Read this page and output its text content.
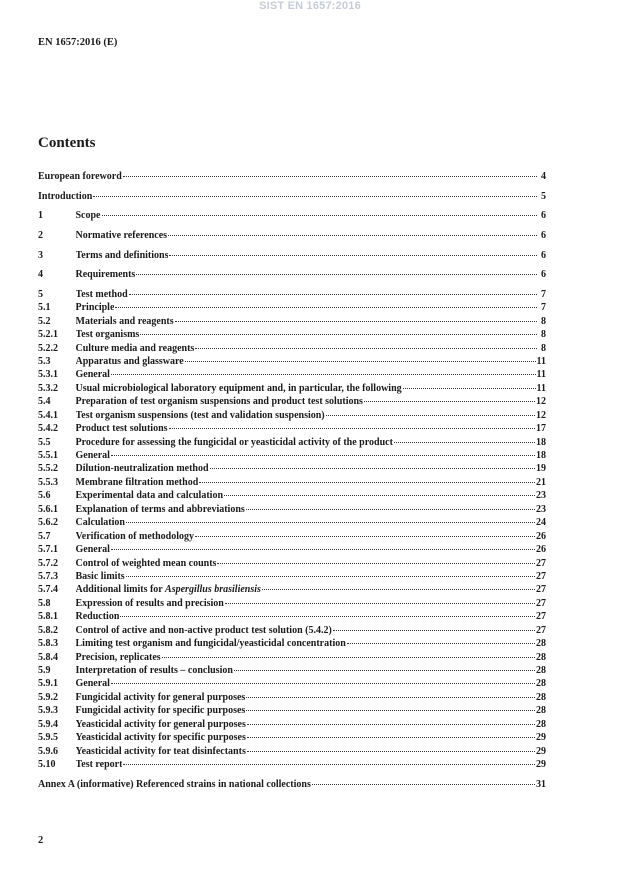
SIST EN 1657:2016
EN 1657:2016 (E)
Contents
European foreword	4
Introduction	5
1	Scope	6
2	Normative references	6
3	Terms and definitions	6
4	Requirements	6
5	Test method	7
5.1	Principle	7
5.2	Materials and reagents	8
5.2.1	Test organisms	8
5.2.2	Culture media and reagents	8
5.3	Apparatus and glassware	11
5.3.1	General	11
5.3.2	Usual microbiological laboratory equipment and, in particular, the following	11
5.4	Preparation of test organism suspensions and product test solutions	12
5.4.1	Test organism suspensions (test and validation suspension)	12
5.4.2	Product test solutions	17
5.5	Procedure for assessing the fungicidal or yeasticidal activity of the product	18
5.5.1	General	18
5.5.2	Dilution-neutralization method	19
5.5.3	Membrane filtration method	21
5.6	Experimental data and calculation	23
5.6.1	Explanation of terms and abbreviations	23
5.6.2	Calculation	24
5.7	Verification of methodology	26
5.7.1	General	26
5.7.2	Control of weighted mean counts	27
5.7.3	Basic limits	27
5.7.4	Additional limits for Aspergillus brasiliensis	27
5.8	Expression of results and precision	27
5.8.1	Reduction	27
5.8.2	Control of active and non-active product test solution (5.4.2)	27
5.8.3	Limiting test organism and fungicidal/yeasticidal concentration	28
5.8.4	Precision, replicates	28
5.9	Interpretation of results – conclusion	28
5.9.1	General	28
5.9.2	Fungicidal activity for general purposes	28
5.9.3	Fungicidal activity for specific purposes	28
5.9.4	Yeasticidal activity for general purposes	28
5.9.5	Yeasticidal activity for specific purposes	29
5.9.6	Yeasticidal activity for teat disinfectants	29
5.10	Test report	29
Annex A (informative) Referenced strains in national collections	31
2
